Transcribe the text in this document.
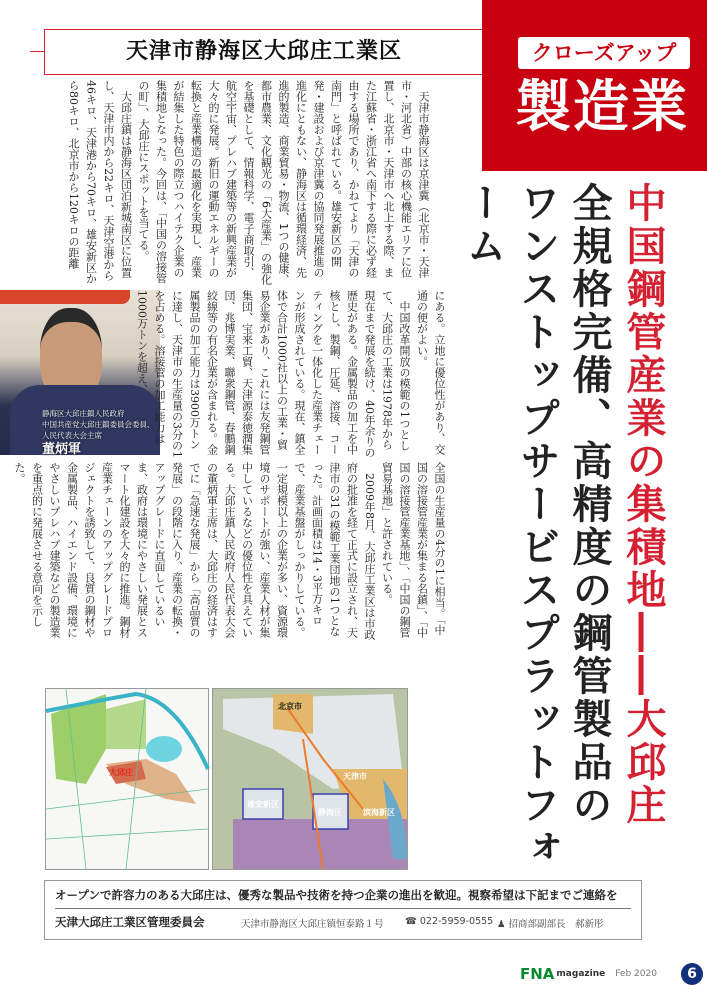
天津市静海区大邱庄工業区	クローズアップ
製造業
中国鋼管産業の集積地――大邱庄
全規格完備、高精度の鋼管製品の
ワンストップサービスプラットフォーム

天津市静海区は京津冀（北京市・天津市・河北省）中部の核心機能エリアに位置し、北京市・天津市へ北上する際、また江蘇省・浙江省へ南下する際に必ず経由する場所であり、かねてより「天津の南門」と呼ばれている。雄安新区の開発・建設および京津冀の協同発展推進の進化にともない、静海区は循環経済、先進的製造、商業貿易・物流、1つの健康、都市農業、文化観光の「6大産業」の強化を基礎として、情報科学、電子商取引、航空宇宙、プレハブ建築等の新興産業が大々的に発展。新旧の運動エネルギーの転換と産業構造の最適化を実現し、産業が結集した特色の際立つハイテク企業の集積地となった。今回は、「中国の溶接管の町」、大邱庄にスポットを当てる。

大邱庄鎮は静海区団泊新城南区に位置し、天津市内から22キロ、天津空港から46キロ、天津港から70キロ、雄安新区から80キロ、北京市から120キロの距離

静海区大邱庄鎮人民政府
中国共産党大邱庄鎮委員会委員、
人民代表大会主席
董炳軍	にある。立地に優位性があり、交通の便がよい。

中国改革開放の模範の1つとして、大邱庄の工業は1978年から現在まで発展を続け、40年余りの歴史がある。金属製品の加工を中核とし、製鋼、圧延、溶接、コーティングを一体化した産業チェーンが形成されている。現在、鎮全体で合計1000社以上の工業・貿易企業があり、これには友発鋼管集団、宝来工貿、天津源泰徳潤集団、兆博実業、聯衆鋼管、春鵬鋼絞線等の有名企業が含まれる。金属製品の加工能力は3900万トンに達し、天津市の生産量の3分の1を占める。溶接管の加工能力は1000万トンを超え、

全国の生産量の4分の1に相当。「中国の溶接管産業が集まる名鎮」、「中国の溶接管産業基地」、「中国の鋼管貿易基地」と許されている。

2009年8月、大邱庄工業区は市政府の批准を経て正式に設立され、天津市の31の模範工業団地の1つとなった。計画面積は14・3平方キロで、産業基盤がしっかりしている。一定規模以上の企業が多い、資源環境のサポートが強い、産業人材が集中しているなどの優位性を具えている。大邱庄鎮人民政府人民代表大会の董炳軍主席は、大邱庄の経済はすでに「急速な発展」から「高品質の発展」の段階に入り、産業の転換・アップグレードに直面しているいま、政府は環境にやさしい発展とスマート化建設を大々的に推進。鋼材産業チェーンのアップグレードプロジェクトを誘致して、良質の鋼材や金属製品、ハイエンド設備、環境にやさしいプレハブ建築などの製造業を重点的に発展させる意向を示した。

大邱庄
北京市
天津市
雄安新区
静海区	滨海新区
オープンで許容力のある大邱庄は、優秀な製品や技術を持つ企業の進出を歓迎。視察希望は下記までご連絡を
天津大邱庄工業区管理委員会	天津市静海区大邱庄镇恒泰路１号 ☎ 022-5959-0555 ♟ 招商部副部長　郝新彤
FNA magazine Feb 2020	6
